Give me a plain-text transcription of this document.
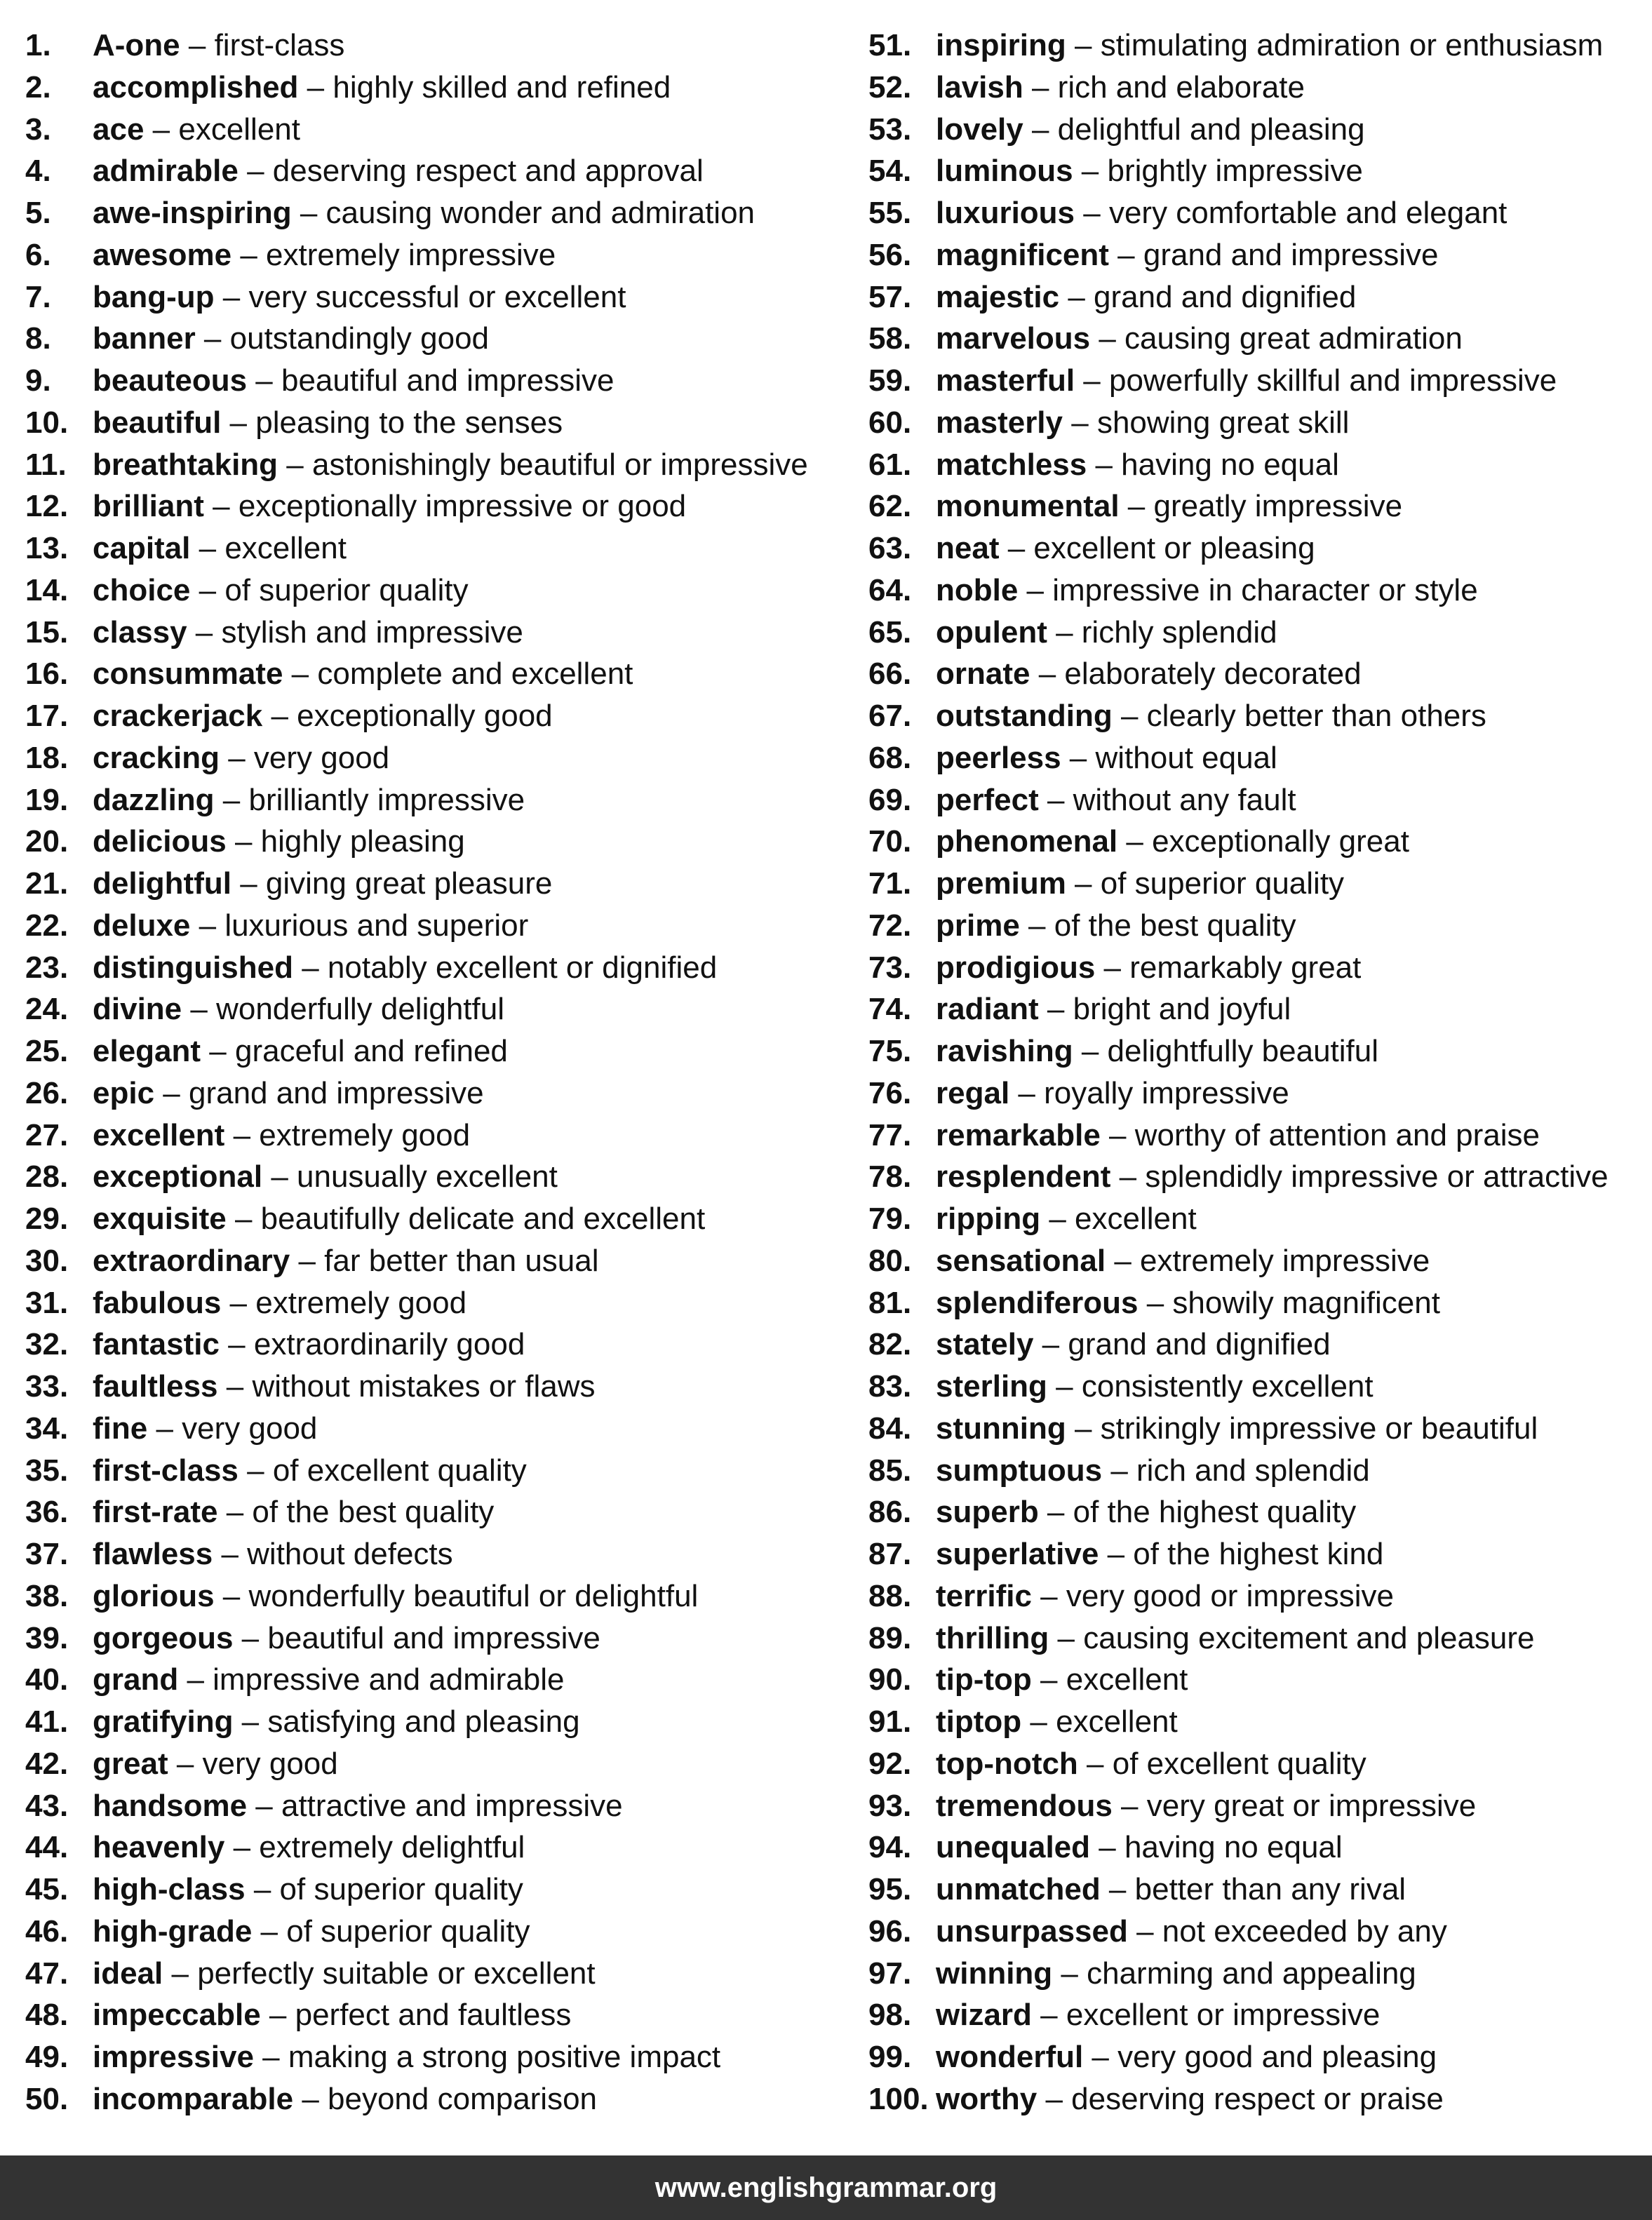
1. A-one – first-class
2. accomplished – highly skilled and refined
3. ace – excellent
4. admirable – deserving respect and approval
5. awe-inspiring – causing wonder and admiration
6. awesome – extremely impressive
7. bang-up – very successful or excellent
8. banner – outstandingly good
9. beauteous – beautiful and impressive
10. beautiful – pleasing to the senses
11. breathtaking – astonishingly beautiful or impressive
12. brilliant – exceptionally impressive or good
13. capital – excellent
14. choice – of superior quality
15. classy – stylish and impressive
16. consummate – complete and excellent
17. crackerjack – exceptionally good
18. cracking – very good
19. dazzling – brilliantly impressive
20. delicious – highly pleasing
21. delightful – giving great pleasure
22. deluxe – luxurious and superior
23. distinguished – notably excellent or dignified
24. divine – wonderfully delightful
25. elegant – graceful and refined
26. epic – grand and impressive
27. excellent – extremely good
28. exceptional – unusually excellent
29. exquisite – beautifully delicate and excellent
30. extraordinary – far better than usual
31. fabulous – extremely good
32. fantastic – extraordinarily good
33. faultless – without mistakes or flaws
34. fine – very good
35. first-class – of excellent quality
36. first-rate – of the best quality
37. flawless – without defects
38. glorious – wonderfully beautiful or delightful
39. gorgeous – beautiful and impressive
40. grand – impressive and admirable
41. gratifying – satisfying and pleasing
42. great – very good
43. handsome – attractive and impressive
44. heavenly – extremely delightful
45. high-class – of superior quality
46. high-grade – of superior quality
47. ideal – perfectly suitable or excellent
48. impeccable – perfect and faultless
49. impressive – making a strong positive impact
50. incomparable – beyond comparison
51. inspiring – stimulating admiration or enthusiasm
52. lavish – rich and elaborate
53. lovely – delightful and pleasing
54. luminous – brightly impressive
55. luxurious – very comfortable and elegant
56. magnificent – grand and impressive
57. majestic – grand and dignified
58. marvelous – causing great admiration
59. masterful – powerfully skillful and impressive
60. masterly – showing great skill
61. matchless – having no equal
62. monumental – greatly impressive
63. neat – excellent or pleasing
64. noble – impressive in character or style
65. opulent – richly splendid
66. ornate – elaborately decorated
67. outstanding – clearly better than others
68. peerless – without equal
69. perfect – without any fault
70. phenomenal – exceptionally great
71. premium – of superior quality
72. prime – of the best quality
73. prodigious – remarkably great
74. radiant – bright and joyful
75. ravishing – delightfully beautiful
76. regal – royally impressive
77. remarkable – worthy of attention and praise
78. resplendent – splendidly impressive or attractive
79. ripping – excellent
80. sensational – extremely impressive
81. splendiferous – showily magnificent
82. stately – grand and dignified
83. sterling – consistently excellent
84. stunning – strikingly impressive or beautiful
85. sumptuous – rich and splendid
86. superb – of the highest quality
87. superlative – of the highest kind
88. terrific – very good or impressive
89. thrilling – causing excitement and pleasure
90. tip-top – excellent
91. tiptop – excellent
92. top-notch – of excellent quality
93. tremendous – very great or impressive
94. unequaled – having no equal
95. unmatched – better than any rival
96. unsurpassed – not exceeded by any
97. winning – charming and appealing
98. wizard – excellent or impressive
99. wonderful – very good and pleasing
100. worthy – deserving respect or praise
www.englishgrammar.org
